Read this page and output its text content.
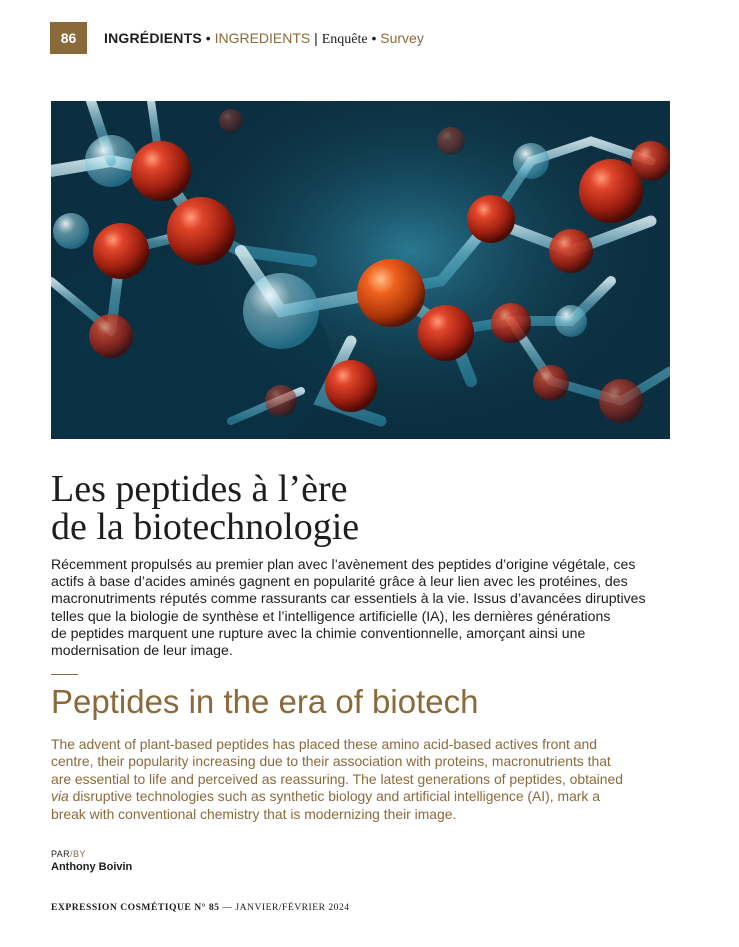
86 INGRÉDIENTS • INGREDIENTS | Enquête • Survey
Les peptides à l’ère
de la biotechnologie
Récemment propulsés au premier plan avec l’avènement des peptides d’origine végétale, ces
actifs à base d’acides aminés gagnent en popularité grâce à leur lien avec les protéines, des
macronutriments réputés comme rassurants car essentiels à la vie. Issus d’avancées diruptives
telles que la biologie de synthèse et l’intelligence artificielle (IA), les dernières générations
de peptides marquent une rupture avec la chimie conventionnelle, amorçant ainsi une
modernisation de leur image.
Peptides in the era of biotech
The advent of plant-based peptides has placed these amino acid-based actives front and
centre, their popularity increasing due to their association with proteins, macronutrients that
are essential to life and perceived as reassuring. The latest generations of peptides, obtained
via disruptive technologies such as synthetic biology and artificial intelligence (AI), mark a
break with conventional chemistry that is modernizing their image.
PAR/BY
Anthony Boivin
EXPRESSION COSMÉTIQUE N° 85 — JANVIER/FÉVRIER 2024
